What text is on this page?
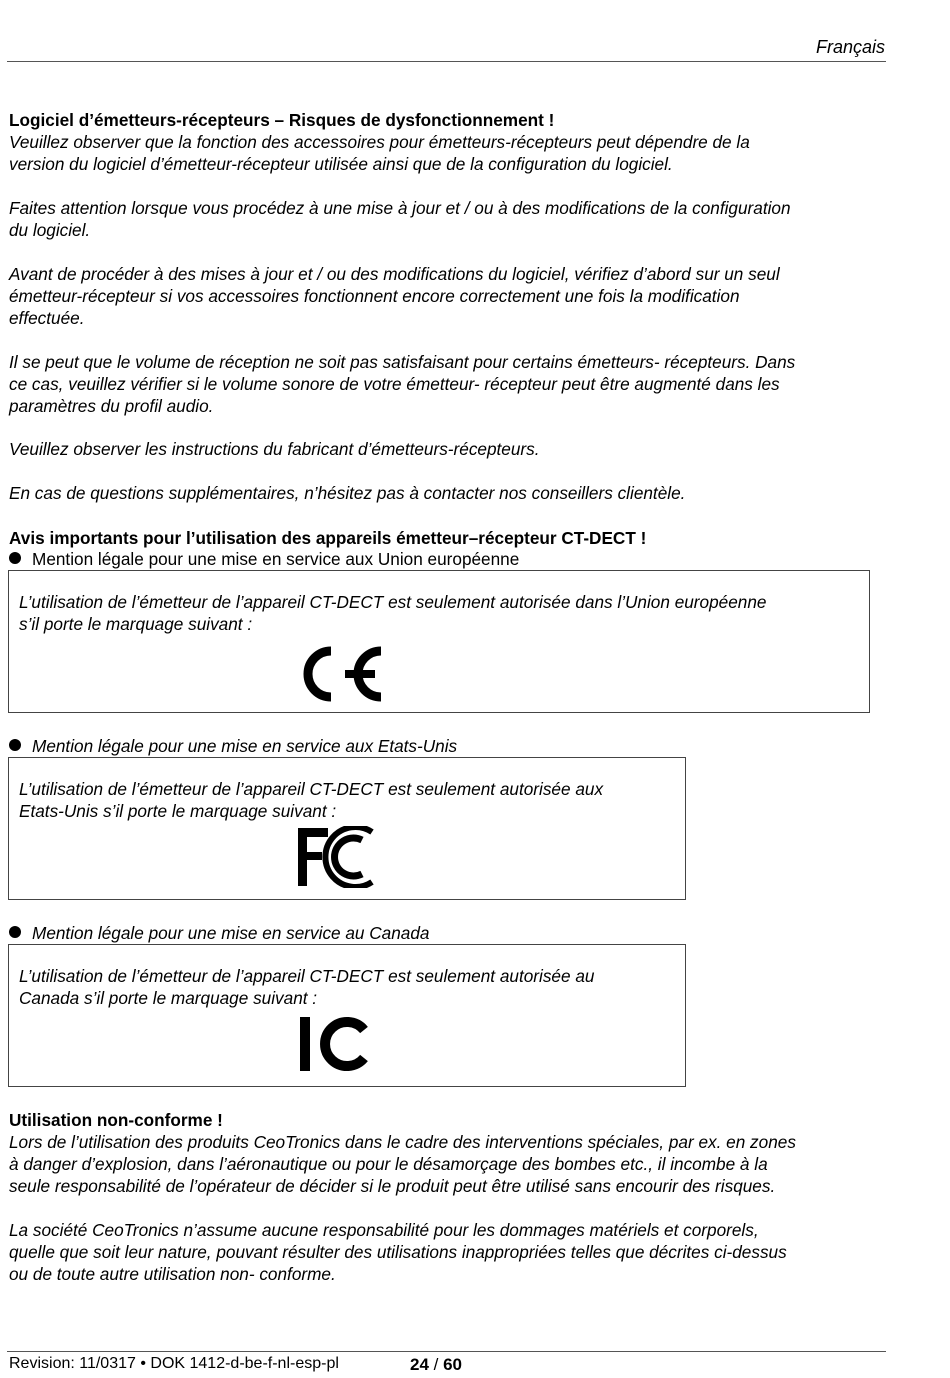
Français
Logiciel d’émetteurs-récepteurs – Risques de dysfonctionnement !
Veuillez observer que la fonction des accessoires pour émetteurs-récepteurs peut dépendre de la
version du logiciel d’émetteur-récepteur utilisée ainsi que de la configuration du logiciel.
Faites attention lorsque vous procédez à une mise à jour et / ou à des modifications de la configuration
du logiciel.
Avant de procéder à des mises à jour et / ou des modifications du logiciel, vérifiez d’abord sur un seul
émetteur-récepteur si vos accessoires fonctionnent encore correctement une fois la modification
effectuée.
Il se peut que le volume de réception ne soit pas satisfaisant pour certains émetteurs- récepteurs. Dans
ce cas, veuillez vérifier si le volume sonore de votre émetteur- récepteur peut être augmenté dans les
paramètres du profil audio.
Veuillez observer les instructions du fabricant d’émetteurs-récepteurs.
En cas de questions supplémentaires, n’hésitez pas à contacter nos conseillers clientèle.
Avis importants pour l’utilisation des appareils émetteur–récepteur CT-DECT !
Mention légale pour une mise en service aux Union européenne
L’utilisation de l’émetteur de l’appareil CT-DECT est seulement autorisée dans l’Union européenne
s’il porte le marquage suivant :
Mention légale pour une mise en service aux Etats-Unis
L’utilisation de l’émetteur de l’appareil CT-DECT est seulement autorisée aux
Etats-Unis s’il porte le marquage suivant :
Mention légale pour une mise en service au Canada
L’utilisation de l’émetteur de l’appareil CT-DECT est seulement autorisée au
Canada s’il porte le marquage suivant :
Utilisation non-conforme !
Lors de l’utilisation des produits CeoTronics dans le cadre des interventions spéciales, par ex. en zones
à danger d’explosion, dans l’aéronautique ou pour le désamorçage des bombes etc., il incombe à la
seule responsabilité de l’opérateur de décider si le produit peut être utilisé sans encourir des risques.
La société CeoTronics n’assume aucune responsabilité pour les dommages matériels et corporels,
quelle que soit leur nature, pouvant résulter des utilisations inappropriées telles que décrites ci-dessus
ou de toute autre utilisation non- conforme.
Revision: 11/0317 • DOK 1412-d-be-f-nl-esp-pl	24 / 60
